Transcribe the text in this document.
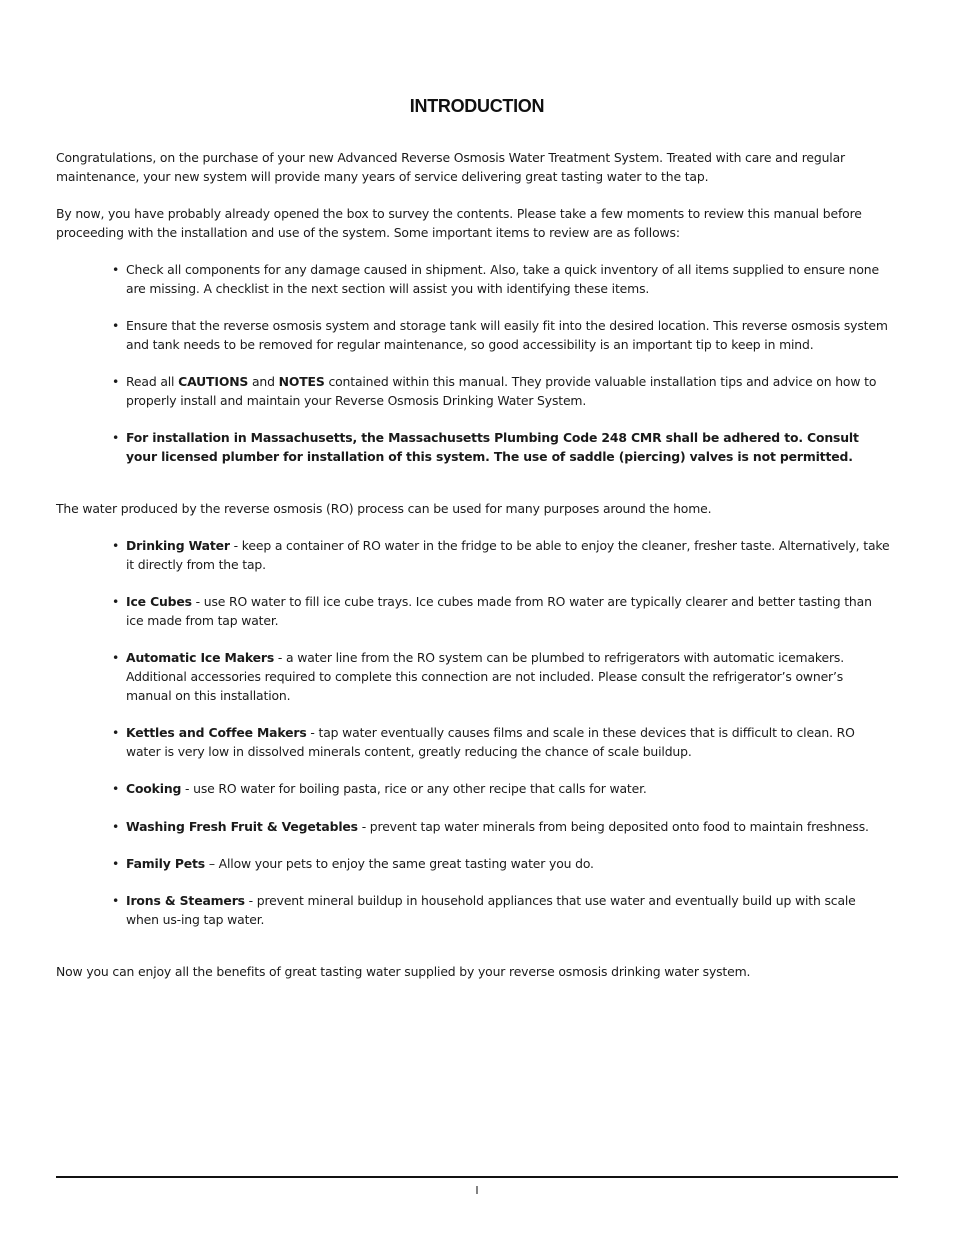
INTRODUCTION

Congratulations, on the purchase of your new Advanced Reverse Osmosis Water Treatment System. Treated with care and regular maintenance, your new system will provide many years of service delivering great tasting water to the tap.

By now, you have probably already opened the box to survey the contents. Please take a few moments to review this manual before proceeding with the installation and use of the system. Some important items to review are as follows:

• Check all components for any damage caused in shipment. Also, take a quick inventory of all items supplied to ensure none are missing. A checklist in the next section will assist you with identifying these items.
• Ensure that the reverse osmosis system and storage tank will easily fit into the desired location. This reverse osmosis system and tank needs to be removed for regular maintenance, so good accessibility is an important tip to keep in mind.
• Read all CAUTIONS and NOTES contained within this manual. They provide valuable installation tips and advice on how to properly install and maintain your Reverse Osmosis Drinking Water System.
• For installation in Massachusetts, the Massachusetts Plumbing Code 248 CMR shall be adhered to. Consult your licensed plumber for installation of this system. The use of saddle (piercing) valves is not permitted.

The water produced by the reverse osmosis (RO) process can be used for many purposes around the home.

• Drinking Water - keep a container of RO water in the fridge to be able to enjoy the cleaner, fresher taste. Alternatively, take it directly from the tap.
• Ice Cubes - use RO water to fill ice cube trays. Ice cubes made from RO water are typically clearer and better tasting than ice made from tap water.
• Automatic Ice Makers - a water line from the RO system can be plumbed to refrigerators with automatic icemakers. Additional accessories required to complete this connection are not included. Please consult the refrigerator’s owner’s manual on this installation.
• Kettles and Coffee Makers - tap water eventually causes films and scale in these devices that is difficult to clean. RO water is very low in dissolved minerals content, greatly reducing the chance of scale buildup.
• Cooking - use RO water for boiling pasta, rice or any other recipe that calls for water.
• Washing Fresh Fruit & Vegetables - prevent tap water minerals from being deposited onto food to maintain freshness.
• Family Pets – Allow your pets to enjoy the same great tasting water you do.
• Irons & Steamers - prevent mineral buildup in household appliances that use water and eventually build up with scale when us-ing tap water.

Now you can enjoy all the benefits of great tasting water supplied by your reverse osmosis drinking water system.

I
